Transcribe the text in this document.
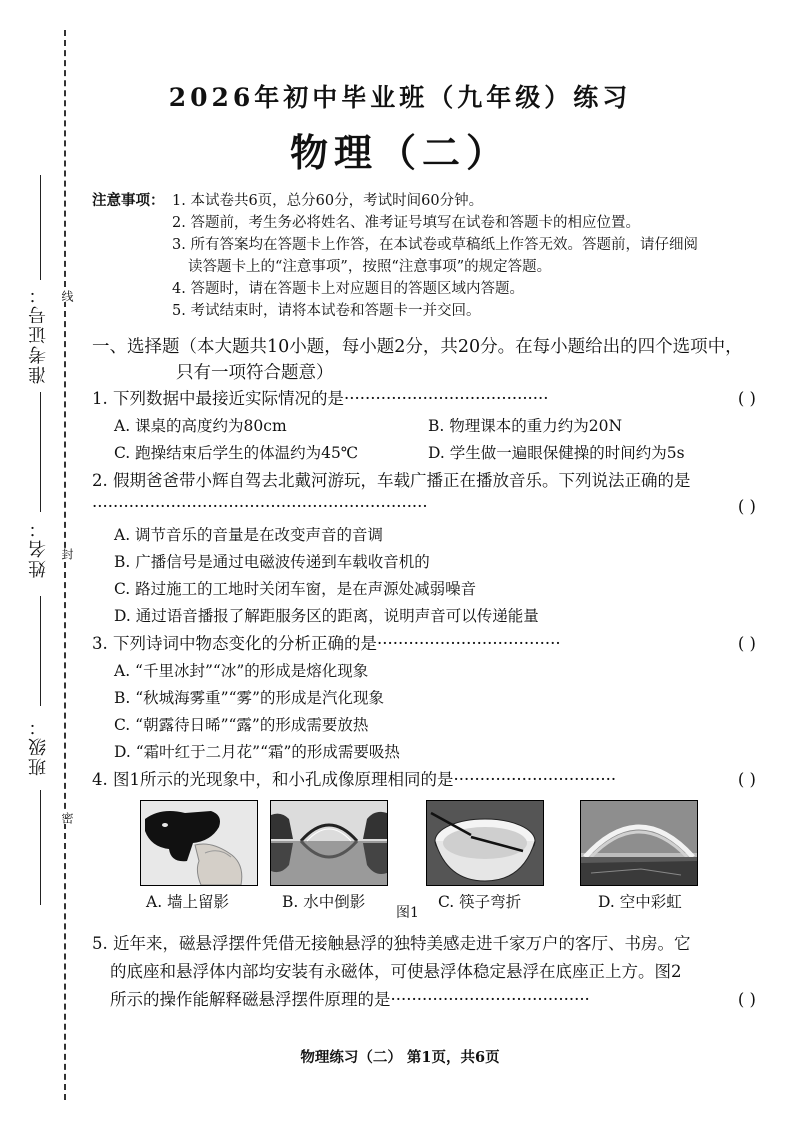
线
封
密
准考证号：
姓名：
班级：
2026年初中毕业班（九年级）练习
物理（二）
注意事项： 1. 本试卷共6页，总分60分，考试时间60分钟。
2. 答题前，考生务必将姓名、准考证号填写在试卷和答题卡的相应位置。
3. 所有答案均在答题卡上作答，在本试卷或草稿纸上作答无效。答题前，请仔细阅
读答题卡上的“注意事项”，按照“注意事项”的规定答题。
4. 答题时，请在答题卡上对应题目的答题区域内答题。
5. 考试结束时，请将本试卷和答题卡一并交回。
一、选择题（本大题共10小题，每小题2分，共20分。在每小题给出的四个选项中，
只有一项符合题意）
1. 下列数据中最接近实际情况的是·······································	( )
A. 课桌的高度约为80cm	B. 物理课本的重力约为20N
C. 跑操结束后学生的体温约为45℃	D. 学生做一遍眼保健操的时间约为5s
2. 假期爸爸带小辉自驾去北戴河游玩，车载广播正在播放音乐。下列说法正确的是
································································	( )
A. 调节音乐的音量是在改变声音的音调
B. 广播信号是通过电磁波传递到车载收音机的
C. 路过施工的工地时关闭车窗，是在声源处减弱噪音
D. 通过语音播报了解距服务区的距离，说明声音可以传递能量
3. 下列诗词中物态变化的分析正确的是···································	( )
A. “千里冰封”“冰”的形成是熔化现象
B. “秋城海雾重”“雾”的形成是汽化现象
C. “朝露待日晞”“露”的形成需要放热
D. “霜叶红于二月花”“霜”的形成需要吸热
4. 图1所示的光现象中，和小孔成像原理相同的是·······························	( )
A. 墙上留影	B. 水中倒影	C. 筷子弯折	D. 空中彩虹
图1
5. 近年来，磁悬浮摆件凭借无接触悬浮的独特美感走进千家万户的客厅、书房。它
的底座和悬浮体内部均安装有永磁体，可使悬浮体稳定悬浮在底座正上方。图2
所示的操作能解释磁悬浮摆件原理的是······································	( )
物理练习（二） 第1页，共6页
